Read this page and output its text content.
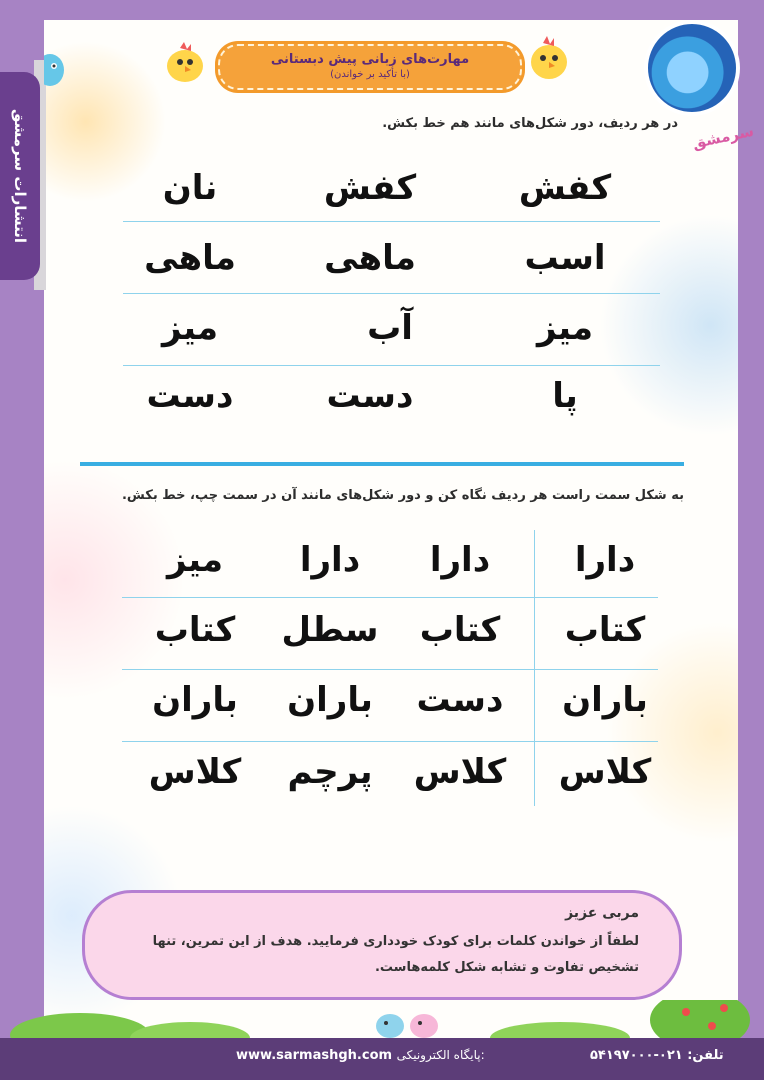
انتشارات سرمشق	سرمشق
مهارت‌های زبانی پیش دبستانی
(با تأکید بر خواندن)
در هر ردیف، دور شکل‌های مانند هم خط بکش.
کفش
کفش
نان
اسب
ماهی
ماهی
میز
آب
میز
پا
دست
دست
به شکل سمت راست هر ردیف نگاه کن و دور شکل‌های مانند آن در سمت چپ، خط بکش.
دارا
دارا
دارا
میز
کتاب
کتاب
سطل
کتاب
باران
دست
باران
باران
کلاس
کلاس
پرچم
کلاس
مربی عزیز
لطفاً از خواندن کلمات برای کودک خودداری فرمایید. هدف از این تمرین، تنها تشخیص تفاوت و تشابه شکل کلمه‌هاست.
تلفن: ۰۲۱-۵۴۱۹۷۰۰۰
www.sarmashgh.com پایگاه الکترونیکی:
